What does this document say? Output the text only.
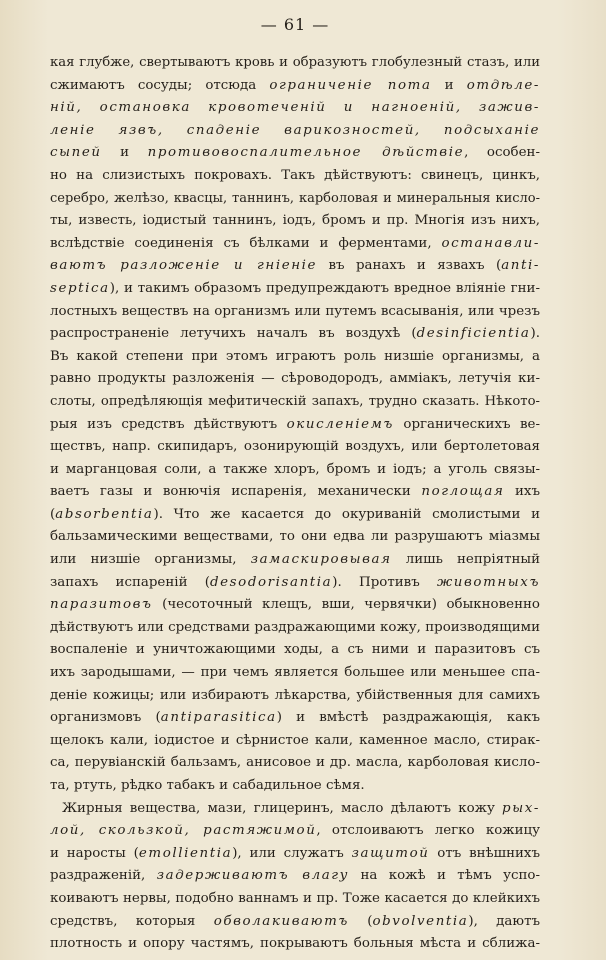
— 61 —
кая глубже, свертываютъ кровь и образуютъ глобулезный стазъ, или
сжимаютъ сосуды; отсюда ограниченіе пота и отдѣле-
ній, остановка кровотеченій и нагноеній, зажив-
леніе язвъ, спаденіе варикозностей, подсыханіе
сыпей и противовоспалительное дѣйствіе, особен-
но на слизистыхъ покровахъ. Такъ дѣйствуютъ: свинецъ, цинкъ,
серебро, желѣзо, квасцы, таннинъ, карболовая и минеральныя кисло-
ты, известь, іодистый таннинъ, іодъ, бромъ и пр. Многія изъ нихъ,
вслѣдствіе соединенія съ бѣлками и ферментами, останавли-
ваютъ разложеніе и гніеніе въ ранахъ и язвахъ (anti-
septica), и такимъ образомъ предупреждаютъ вредное вліяніе гни-
лостныхъ веществъ на организмъ или путемъ всасыванія, или чрезъ
распространеніе летучихъ началъ въ воздухѣ (desinficientia).
Въ какой степени при этомъ играютъ роль низшіе организмы, а
равно продукты разложенія — сѣроводородъ, амміакъ, летучія ки-
слоты, опредѣляющія мефитическій запахъ, трудно сказать. Нѣкото-
рыя изъ средствъ дѣйствуютъ окисленіемъ органическихъ ве-
ществъ, напр. скипидаръ, озонирующій воздухъ, или бертолетовая
и марганцовая соли, а также хлоръ, бромъ и іодъ; а уголь связы-
ваетъ газы и вонючія испаренія, механически поглощая ихъ
(absorbentia). Что же касается до окуриваній смолистыми и
бальзамическими веществами, то они едва ли разрушаютъ міазмы
или низшіе организмы, замаскировывая лишь непріятный
запахъ испареній (desodorisantia). Противъ животныхъ
паразитовъ (чесоточный клещъ, вши, червячки) обыкновенно
дѣйствуютъ или средствами раздражающими кожу, производящими
воспаленіе и уничтожающими ходы, а съ ними и паразитовъ съ
ихъ зародышами, — при чемъ является большее или меньшее спа-
деніе кожицы; или избираютъ лѣкарства, убійственныя для самихъ
организмовъ (antiparasitica) и вмѣстѣ раздражающія, какъ
щелокъ кали, іодистое и сѣрнистое кали, каменное масло, стирак-
са, перувіанскій бальзамъ, анисовое и др. масла, карболовая кисло-
та, ртуть, рѣдко табакъ и сабадильное сѣмя.
Жирныя вещества, мази, глицеринъ, масло дѣлаютъ кожу рых-
лой, скользкой, растяжимой, отслоиваютъ легко кожицу
и наросты (emollientia), или служатъ защитой отъ внѣшнихъ
раздраженій, задерживаютъ влагу на кожѣ и тѣмъ успо-
коиваютъ нервы, подобно ваннамъ и пр. Тоже касается до клейкихъ
средствъ, которыя обволакиваютъ (obvolventia), даютъ
плотность и опору частямъ, покрываютъ больныя мѣста и сближа-
